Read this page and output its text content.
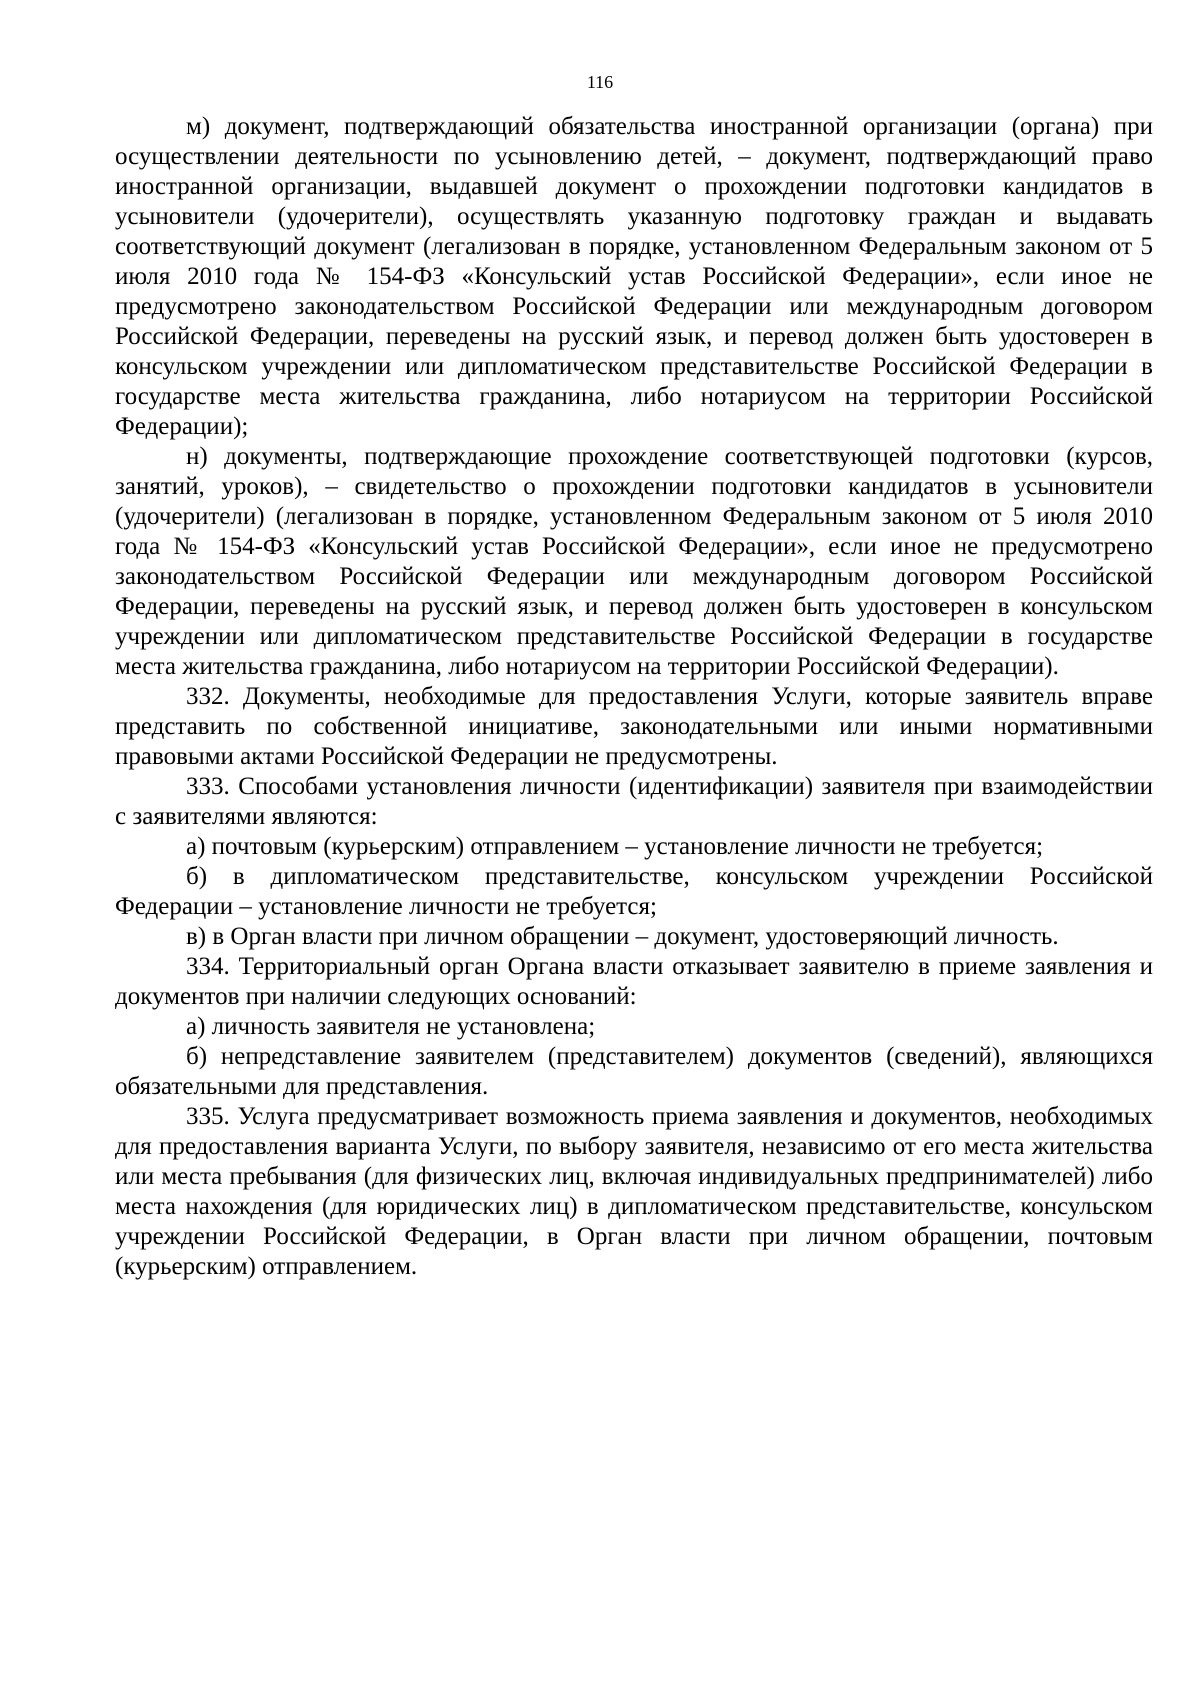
116

м) документ, подтверждающий обязательства иностранной организации (органа) при осуществлении деятельности по усыновлению детей, – документ, подтверждающий право иностранной организации, выдавшей документ о прохождении подготовки кандидатов в усыновители (удочерители), осуществлять указанную подготовку граждан и выдавать соответствующий документ (легализован в порядке, установленном Федеральным законом от 5 июля 2010 года № 154-ФЗ «Консульский устав Российской Федерации», если иное не предусмотрено законодательством Российской Федерации или международным договором Российской Федерации, переведены на русский язык, и перевод должен быть удостоверен в консульском учреждении или дипломатическом представительстве Российской Федерации в государстве места жительства гражданина, либо нотариусом на территории Российской Федерации);

н) документы, подтверждающие прохождение соответствующей подготовки (курсов, занятий, уроков), – свидетельство о прохождении подготовки кандидатов в усыновители (удочерители) (легализован в порядке, установленном Федеральным законом от 5 июля 2010 года № 154-ФЗ «Консульский устав Российской Федерации», если иное не предусмотрено законодательством Российской Федерации или международным договором Российской Федерации, переведены на русский язык, и перевод должен быть удостоверен в консульском учреждении или дипломатическом представительстве Российской Федерации в государстве места жительства гражданина, либо нотариусом на территории Российской Федерации).

332. Документы, необходимые для предоставления Услуги, которые заявитель вправе представить по собственной инициативе, законодательными или иными нормативными правовыми актами Российской Федерации не предусмотрены.

333. Способами установления личности (идентификации) заявителя при взаимодействии с заявителями являются:

а) почтовым (курьерским) отправлением – установление личности не требуется;

б) в дипломатическом представительстве, консульском учреждении Российской Федерации – установление личности не требуется;

в) в Орган власти при личном обращении – документ, удостоверяющий личность.

334. Территориальный орган Органа власти отказывает заявителю в приеме заявления и документов при наличии следующих оснований:

а) личность заявителя не установлена;

б) непредставление заявителем (представителем) документов (сведений), являющихся обязательными для представления.

335. Услуга предусматривает возможность приема заявления и документов, необходимых для предоставления варианта Услуги, по выбору заявителя, независимо от его места жительства или места пребывания (для физических лиц, включая индивидуальных предпринимателей) либо места нахождения (для юридических лиц) в дипломатическом представительстве, консульском учреждении Российской Федерации, в Орган власти при личном обращении, почтовым (курьерским) отправлением.
